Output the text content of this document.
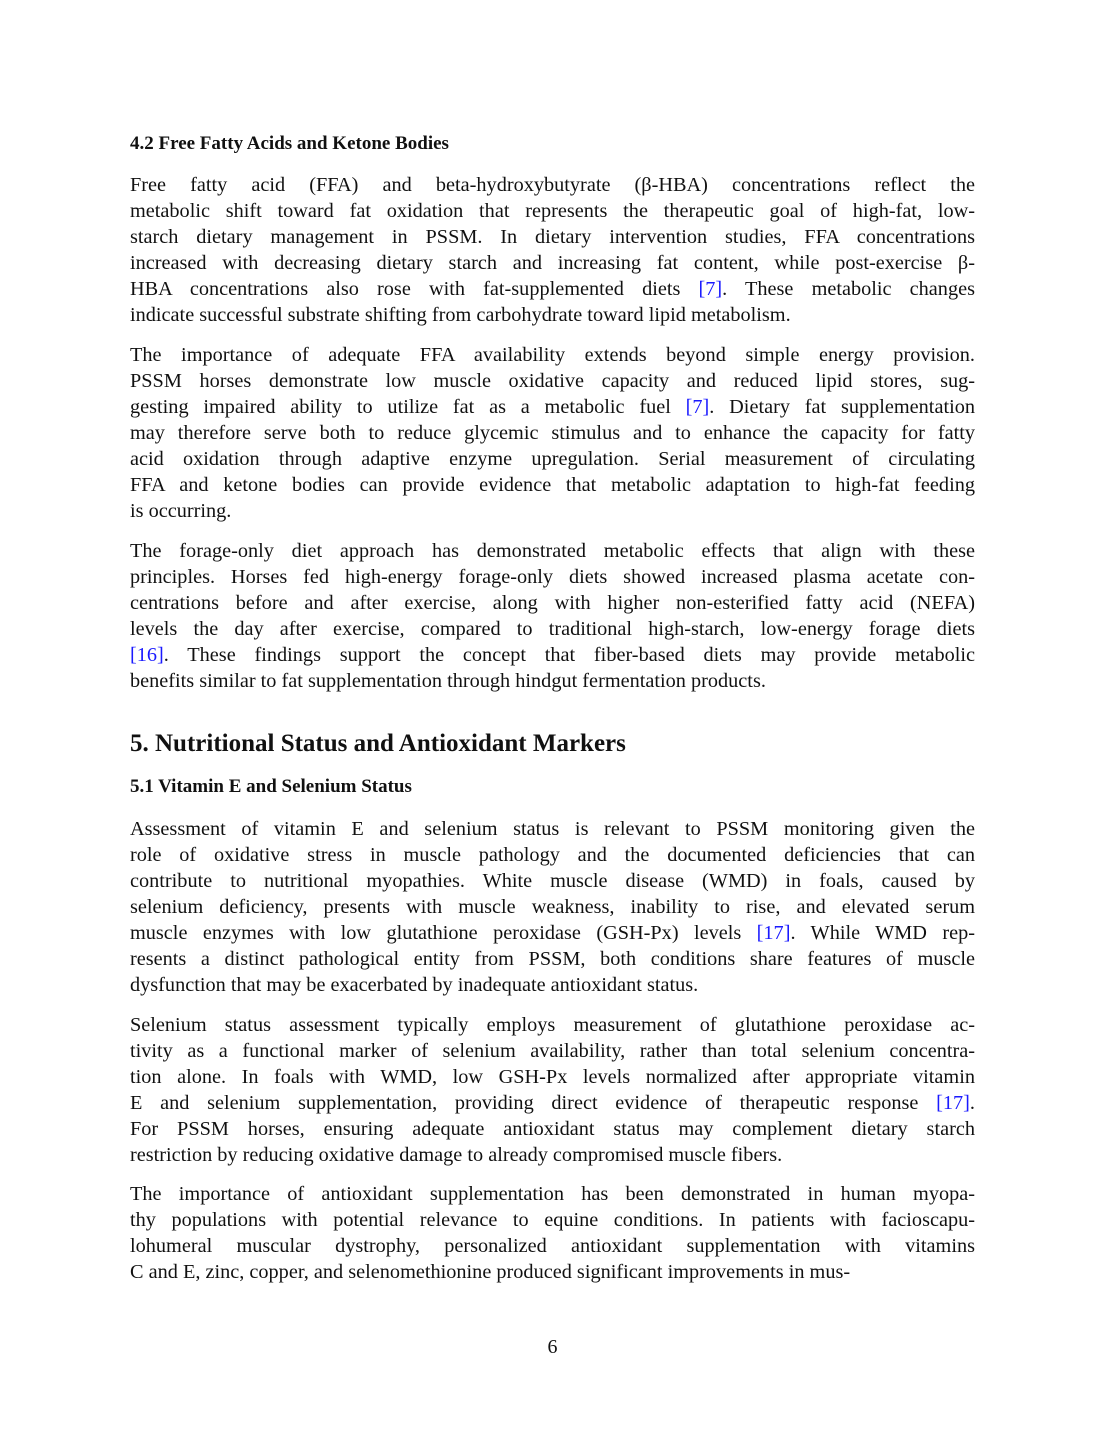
4.2 Free Fatty Acids and Ketone Bodies
Free fatty acid (FFA) and beta-hydroxybutyrate (β-HBA) concentrations reflect the
metabolic shift toward fat oxidation that represents the therapeutic goal of high-fat, low-
starch dietary management in PSSM. In dietary intervention studies, FFA concentrations
increased with decreasing dietary starch and increasing fat content, while post-exercise β-
HBA concentrations also rose with fat-supplemented diets [7]. These metabolic changes
indicate successful substrate shifting from carbohydrate toward lipid metabolism.
The importance of adequate FFA availability extends beyond simple energy provision.
PSSM horses demonstrate low muscle oxidative capacity and reduced lipid stores, sug-
gesting impaired ability to utilize fat as a metabolic fuel [7]. Dietary fat supplementation
may therefore serve both to reduce glycemic stimulus and to enhance the capacity for fatty
acid oxidation through adaptive enzyme upregulation. Serial measurement of circulating
FFA and ketone bodies can provide evidence that metabolic adaptation to high-fat feeding
is occurring.
The forage-only diet approach has demonstrated metabolic effects that align with these
principles. Horses fed high-energy forage-only diets showed increased plasma acetate con-
centrations before and after exercise, along with higher non-esterified fatty acid (NEFA)
levels the day after exercise, compared to traditional high-starch, low-energy forage diets
[16]. These findings support the concept that fiber-based diets may provide metabolic
benefits similar to fat supplementation through hindgut fermentation products.
5. Nutritional Status and Antioxidant Markers
5.1 Vitamin E and Selenium Status
Assessment of vitamin E and selenium status is relevant to PSSM monitoring given the
role of oxidative stress in muscle pathology and the documented deficiencies that can
contribute to nutritional myopathies. White muscle disease (WMD) in foals, caused by
selenium deficiency, presents with muscle weakness, inability to rise, and elevated serum
muscle enzymes with low glutathione peroxidase (GSH-Px) levels [17]. While WMD rep-
resents a distinct pathological entity from PSSM, both conditions share features of muscle
dysfunction that may be exacerbated by inadequate antioxidant status.
Selenium status assessment typically employs measurement of glutathione peroxidase ac-
tivity as a functional marker of selenium availability, rather than total selenium concentra-
tion alone. In foals with WMD, low GSH-Px levels normalized after appropriate vitamin
E and selenium supplementation, providing direct evidence of therapeutic response [17].
For PSSM horses, ensuring adequate antioxidant status may complement dietary starch
restriction by reducing oxidative damage to already compromised muscle fibers.
The importance of antioxidant supplementation has been demonstrated in human myopa-
thy populations with potential relevance to equine conditions. In patients with facioscapu-
lohumeral muscular dystrophy, personalized antioxidant supplementation with vitamins
C and E, zinc, copper, and selenomethionine produced significant improvements in mus-
6
